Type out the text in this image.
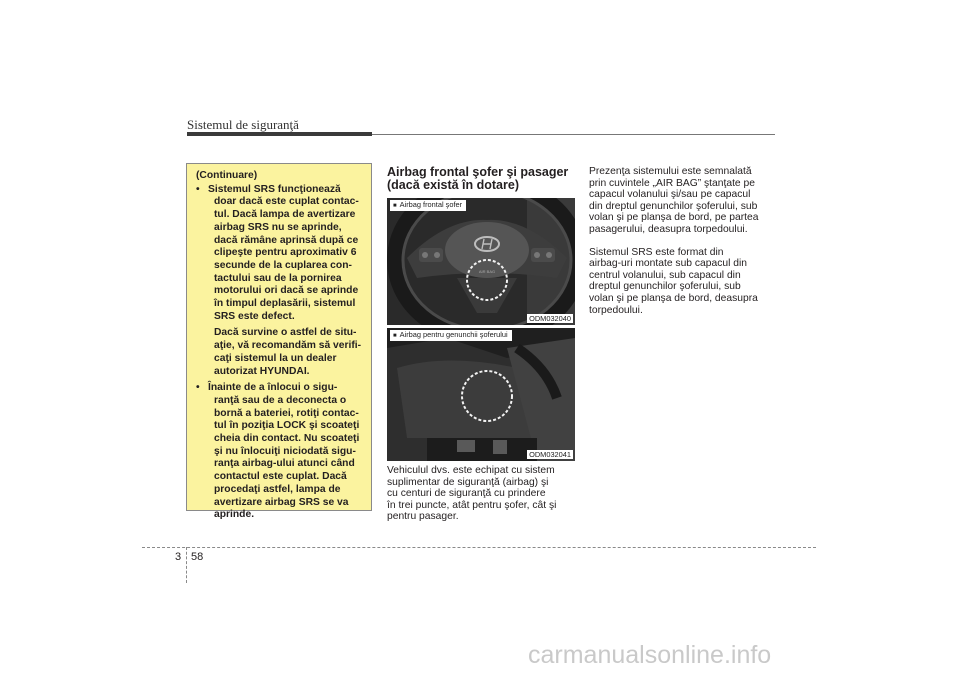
Sistemul de siguranţă
(Continuare)
• Sistemul SRS funcţionează
doar dacă este cuplat contac-
tul. Dacă lampa de avertizare
airbag SRS nu se aprinde,
dacă rămâne aprinsă după ce
clipeşte pentru aproximativ 6
secunde de la cuplarea con-
tactului sau de la pornirea
motorului ori dacă se aprinde
în timpul deplasării, sistemul
SRS este defect.
Dacă survine o astfel de situ-
aţie, vă recomandăm să verifi-
caţi sistemul la un dealer
autorizat HYUNDAI.
• Înainte de a înlocui o sigu-
ranţă sau de a deconecta o
bornă a bateriei, rotiţi contac-
tul în poziţia LOCK şi scoateţi
cheia din contact. Nu scoateţi
şi nu înlocuiţi niciodată sigu-
ranţa airbag-ului atunci când
contactul este cuplat. Dacă
procedaţi astfel, lampa de
avertizare airbag SRS se va
aprinde.
Airbag frontal şofer şi pasager
(dacă există în dotare)
AIR BAG
■ Airbag frontal şofer
ODM032040
■ Airbag pentru genunchii şoferului
ODM032041
Vehiculul dvs. este echipat cu sistem
suplimentar de siguranţă (airbag) şi
cu centuri de siguranţă cu prindere
în trei puncte, atât pentru şofer, cât şi
pentru pasager.
Prezenţa sistemului este semnalată
prin cuvintele „AIR BAG” ştanţate pe
capacul volanului şi/sau pe capacul
din dreptul genunchilor şoferului, sub
volan şi pe planşa de bord, pe partea
pasagerului, deasupra torpedoului.
Sistemul SRS este format din
airbag-uri montate sub capacul din
centrul volanului, sub capacul din
dreptul genunchilor şoferului, sub
volan şi pe planşa de bord, deasupra
torpedoului.
3 58
carmanualsonline.info
